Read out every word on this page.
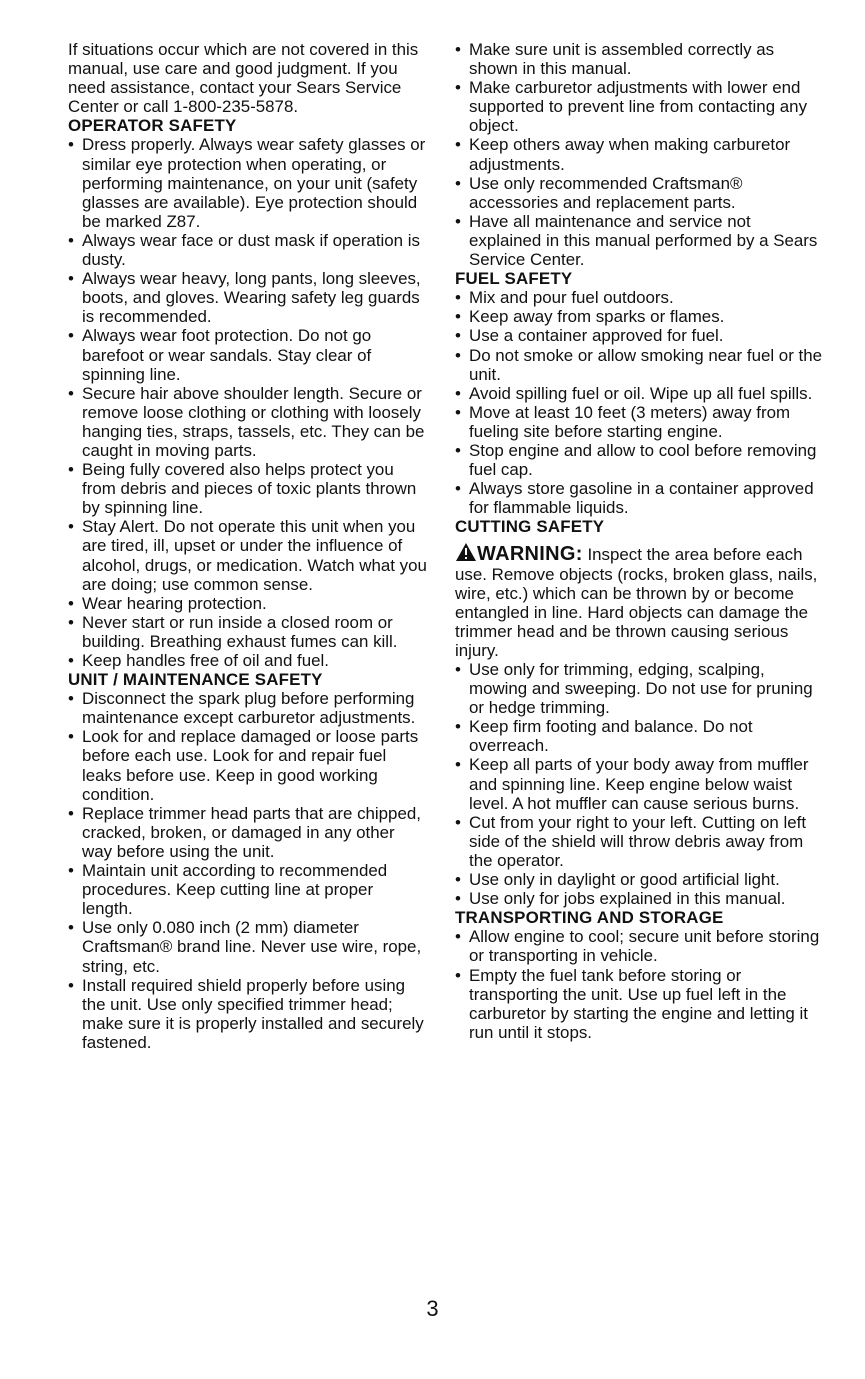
If situations occur which are not covered in this manual, use care and good judgment. If you need assistance, contact your Sears Service Center or call 1-800-235-5878.

OPERATOR SAFETY

• Dress properly. Always wear safety glasses or similar eye protection when operating, or performing maintenance, on your unit (safety glasses are available). Eye protection should be marked Z87.

• Always wear face or dust mask if operation is dusty.

• Always wear heavy, long pants, long sleeves, boots, and gloves. Wearing safety leg guards is recommended.

• Always wear foot protection. Do not go barefoot or wear sandals. Stay clear of spinning line.

• Secure hair above shoulder length. Secure or remove loose clothing or clothing with loosely hanging ties, straps, tassels, etc. They can be caught in moving parts.

• Being fully covered also helps protect you from debris and pieces of toxic plants thrown by spinning line.

• Stay Alert. Do not operate this unit when you are tired, ill, upset or under the influence of alcohol, drugs, or medication. Watch what you are doing; use common sense.

• Wear hearing protection.

• Never start or run inside a closed room or building. Breathing exhaust fumes can kill.

• Keep handles free of oil and fuel.

UNIT / MAINTENANCE SAFETY

• Disconnect the spark plug before performing maintenance except carburetor adjustments.

• Look for and replace damaged or loose parts before each use. Look for and repair fuel leaks before use. Keep in good working condition.

• Replace trimmer head parts that are chipped, cracked, broken, or damaged in any other way before using the unit.

• Maintain unit according to recommended procedures. Keep cutting line at proper length.

• Use only 0.080 inch (2 mm) diameter Craftsman® brand line. Never use wire, rope, string, etc.

• Install required shield properly before using the unit. Use only specified trimmer head; make sure it is properly installed and securely fastened.

• Make sure unit is assembled correctly as shown in this manual.

• Make carburetor adjustments with lower end supported to prevent line from contacting any object.

• Keep others away when making carburetor adjustments.

• Use only recommended Craftsman® accessories and replacement parts.

• Have all maintenance and service not explained in this manual performed by a Sears Service Center.

FUEL SAFETY

• Mix and pour fuel outdoors.

• Keep away from sparks or flames.

• Use a container approved for fuel.

• Do not smoke or allow smoking near fuel or the unit.

• Avoid spilling fuel or oil. Wipe up all fuel spills.

• Move at least 10 feet (3 meters) away from fueling site before starting engine.

• Stop engine and allow to cool before removing fuel cap.

• Always store gasoline in a container approved for flammable liquids.

CUTTING SAFETY

WARNING: Inspect the area before each use. Remove objects (rocks, broken glass, nails, wire, etc.) which can be thrown by or become entangled in line. Hard objects can damage the trimmer head and be thrown causing serious injury.

• Use only for trimming, edging, scalping, mowing and sweeping. Do not use for pruning or hedge trimming.

• Keep firm footing and balance. Do not overreach.

• Keep all parts of your body away from muffler and spinning line. Keep engine below waist level. A hot muffler can cause serious burns.

• Cut from your right to your left. Cutting on left side of the shield will throw debris away from the operator.

• Use only in daylight or good artificial light.

• Use only for jobs explained in this manual.

TRANSPORTING AND STORAGE

• Allow engine to cool; secure unit before storing or transporting in vehicle.

• Empty the fuel tank before storing or transporting the unit. Use up fuel left in the carburetor by starting the engine and letting it run until it stops.

3
